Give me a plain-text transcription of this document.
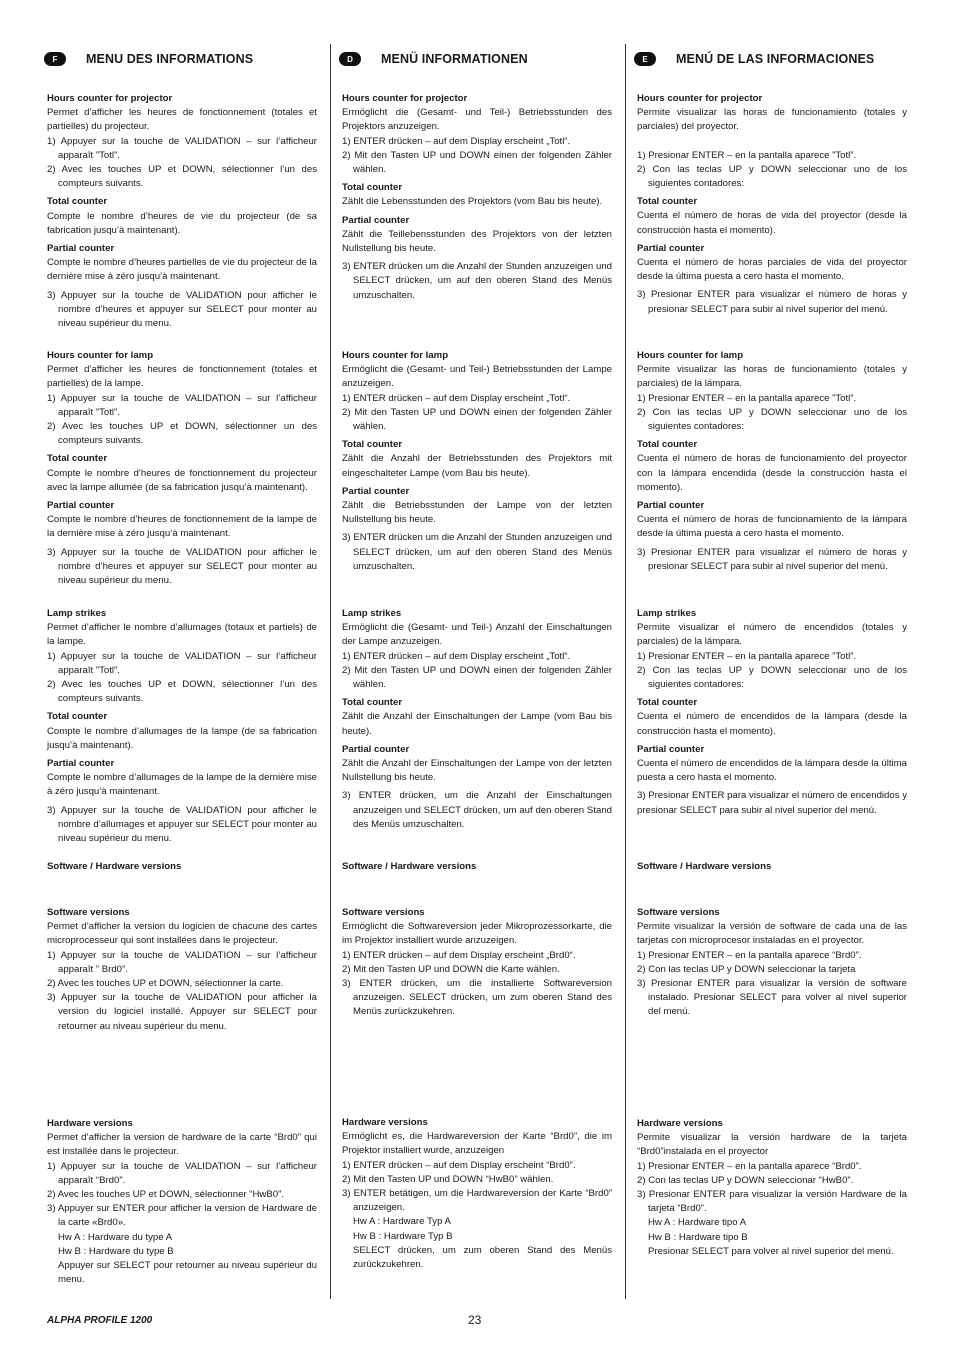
F	MENU DES INFORMATIONS

Hours counter for projector

Permet d’afficher les heures de fonctionnement (totales et partielles) du projecteur.

1) Appuyer sur la touche de VALIDATION – sur l’afficheur apparaît ”Totl”.

2) Avec les touches UP et DOWN, sélectionner l’un des compteurs suivants.

Total counter

Compte le nombre d’heures de vie du projecteur (de sa fabrication jusqu’à maintenant).

Partial counter

Compte le nombre d’heures partielles de vie du projecteur de la dernière mise à zéro jusqu’à maintenant.

3) Appuyer sur la touche de VALIDATION pour afficher le nombre d’heures et appuyer sur SELECT pour monter au niveau supérieur du menu.

Hours counter for lamp

Permet d’afficher les heures de fonctionnement (totales et partielles) de la lampe.

1) Appuyer sur la touche de VALIDATION – sur l’afficheur apparaît ”Totl”.

2) Avec les touches UP et DOWN, sélectionner un des compteurs suivants.

Total counter

Compte le nombre d’heures de fonctionnement du projecteur avec la lampe allumée (de sa fabrication jusqu’à maintenant).

Partial counter

Compte le nombre d’heures de fonctionnement de la lampe de la dernière mise à zéro jusqu’à maintenant.

3) Appuyer sur la touche de VALIDATION pour afficher le nombre d’heures et appuyer sur SELECT pour monter au niveau supérieur du menu.

Lamp strikes

Permet d’afficher le nombre d’allumages (totaux et partiels) de la lampe.

1) Appuyer sur la touche de VALIDATION – sur l’afficheur apparaît ”Totl”.

2) Avec les touches UP et DOWN, sélectionner l’un des compteurs suivants.

Total counter

Compte le nombre d’allumages de la lampe (de sa fabrication jusqu’à maintenant).

Partial counter

Compte le nombre d’allumages de la lampe de la dernière mise à zéro jusqu’à maintenant.

3) Appuyer sur la touche de VALIDATION pour afficher le nombre d’allumages et appuyer sur SELECT pour monter au niveau supérieur du menu.

Software / Hardware versions

Software versions

Permet d’afficher la version du logicien de chacune des cartes microprocesseur qui sont installées dans le projecteur.

1) Appuyer sur la touche de VALIDATION – sur l’afficheur apparaît ” Brd0”.

2) Avec les touches UP et DOWN, sélectionner la carte.

3) Appuyer sur la touche de VALIDATION pour afficher la version du logiciel installé. Appuyer sur SELECT pour retourner au niveau supérieur du menu.

Hardware versions

Permet d’afficher la version de hardware de la carte “Brd0” qui est installée dans le projecteur.

1) Appuyer sur la touche de VALIDATION – sur l’afficheur apparaît “Brd0”.

2) Avec les touches UP et DOWN, sélectionner “HwB0”.

3) Appuyer sur ENTER pour afficher la version de Hardware de la carte «Brd0».

Hw A : Hardware du type A

Hw B : Hardware du type B

Appuyer sur SELECT pour retourner au niveau supérieur du menu.

D	MENÜ INFORMATIONEN

Hours counter for projector

Ermöglicht die (Gesamt- und Teil-) Betriebsstunden des Projektors anzuzeigen.

1) ENTER drücken – auf dem Display erscheint „Totl“.

2) Mit den Tasten UP und DOWN einen der folgenden Zähler wählen.

Total counter

Zählt die Lebensstunden des Projektors (vom Bau bis heute).

Partial counter

Zählt die Teillebensstunden des Projektors von der letzten Nullstellung bis heute.

3) ENTER drücken um die Anzahl der Stunden anzuzeigen und SELECT drücken, um auf den oberen Stand des Menüs umzuschalten.

Hours counter for lamp

Ermöglicht die (Gesamt- und Teil-) Betriebsstunden der Lampe anzuzeigen.

1) ENTER drücken – auf dem Display erscheint „Totl“.

2) Mit den Tasten UP und DOWN einen der folgenden Zähler wählen.

Total counter

Zählt die Anzahl der Betriebsstunden des Projektors mit eingeschalteter Lampe (vom Bau bis heute).

Partial counter

Zählt die Betriebsstunden der Lampe von der letzten Nullstellung bis heute.

3) ENTER drücken um die Anzahl der Stunden anzuzeigen und SELECT drücken, um auf den oberen Stand des Menüs umzuschalten.

Lamp strikes

Ermöglicht die (Gesamt- und Teil-) Anzahl der Einschaltungen der Lampe anzuzeigen.

1) ENTER drücken – auf dem Display erscheint „Totl“.

2) Mit den Tasten UP und DOWN einen der folgenden Zähler wählen.

Total counter

Zählt die Anzahl der Einschaltungen der Lampe (vom Bau bis heute).

Partial counter

Zählt die Anzahl der Einschaltungen der Lampe von der letzten Nullstellung bis heute.

3) ENTER drücken, um die Anzahl der Einschaltungen anzuzeigen und SELECT drücken, um auf den oberen Stand des Menüs umzuschalten.

Software / Hardware versions

Software versions

Ermöglicht die Softwareversion jeder Mikroprozessorkarte, die im Projektor installiert wurde anzuzeigen.

1) ENTER drücken – auf dem Display erscheint „Brd0“.

2) Mit den Tasten UP und DOWN die Karte wählen.

3) ENTER drücken, um die installierte Softwareversion anzuzeigen. SELECT drücken, um zum oberen Stand des Menüs zurückzukehren.

Hardware versions

Ermöglicht es, die Hardwareversion der Karte “Brd0”, die im Projektor installiert wurde, anzuzeigen

1) ENTER drücken – auf dem Display erscheint “Brd0”.

2) Mit den Tasten UP und DOWN “HwB0” wählen.

3) ENTER betätigen, um die Hardwareversion der Karte “Brd0” anzuzeigen.

Hw A : Hardware Typ A

Hw B : Hardware Typ B

SELECT drücken, um zum oberen Stand des Menüs zurückzukehren.

E	MENÚ DE LAS INFORMACIONES

Hours counter for projector

Permite visualizar las horas de funcionamiento (totales y parciales) del proyector.

1) Presionar ENTER – en la pantalla aparece ”Totl”.

2) Con las teclas UP y DOWN seleccionar uno de los siguientes contadores:

Total counter

Cuenta el número de horas de vida del proyector (desde la construcción hasta el momento).

Partial counter

Cuenta el número de horas parciales de vida del proyector desde la última puesta a cero hasta el momento.

3) Presionar ENTER para visualizar el número de horas y presionar SELECT para subir al nivel superior del menú.

Hours counter for lamp

Permite visualizar las horas de funcionamiento (totales y parciales) de la lámpara.

1) Presionar ENTER – en la pantalla aparece ”Totl”.

2) Con las teclas UP y DOWN seleccionar uno de los siguientes contadores:

Total counter

Cuenta el número de horas de funcionamiento del proyector con la lámpara encendida (desde la construcción hasta el momento).

Partial counter

Cuenta el número de horas de funcionamiento de la lámpara desde la última puesta a cero hasta el momento.

3) Presionar ENTER para visualizar el número de horas y presionar SELECT para subir al nivel superior del menú.

Lamp strikes

Permite visualizar el número de encendidos (totales y parciales) de la lámpara.

1) Presionar ENTER – en la pantalla aparece ”Totl”.

2) Con las teclas UP y DOWN seleccionar uno de los siguientes contadores:

Total counter

Cuenta el número de encendidos de la lámpara (desde la construcción hasta el momento).

Partial counter

Cuenta el número de encendidos de la lámpara desde la última puesta a cero hasta el momento.

3) Presionar ENTER para visualizar el número de encendidos y presionar SELECT para subir al nivel superior del menú.

Software / Hardware versions

Software versions

Permite visualizar la versión de software de cada una de las tarjetas con microprocesor instaladas en el proyector.

1) Presionar ENTER – en la pantalla aparece “Brd0”.

2) Con las teclas UP y DOWN seleccionar la tarjeta

3) Presionar ENTER para visualizar la versión de software instalado. Presionar SELECT para volver al nivel superior del menú.

Hardware versions

Permite visualizar la versión hardware de la tarjeta “Brd0”instalada en el proyector

1) Presionar ENTER – en la pantalla aparece “Brd0”.

2) Con las teclas UP y DOWN seleccionar “HwB0”.

3) Presionar ENTER para visualizar la versión Hardware de la tarjeta “Brd0”.

Hw A : Hardware tipo A

Hw B : Hardware tipo B

Presionar SELECT para volver al nivel superior del menú.

ALPHA PROFILE 1200	23
